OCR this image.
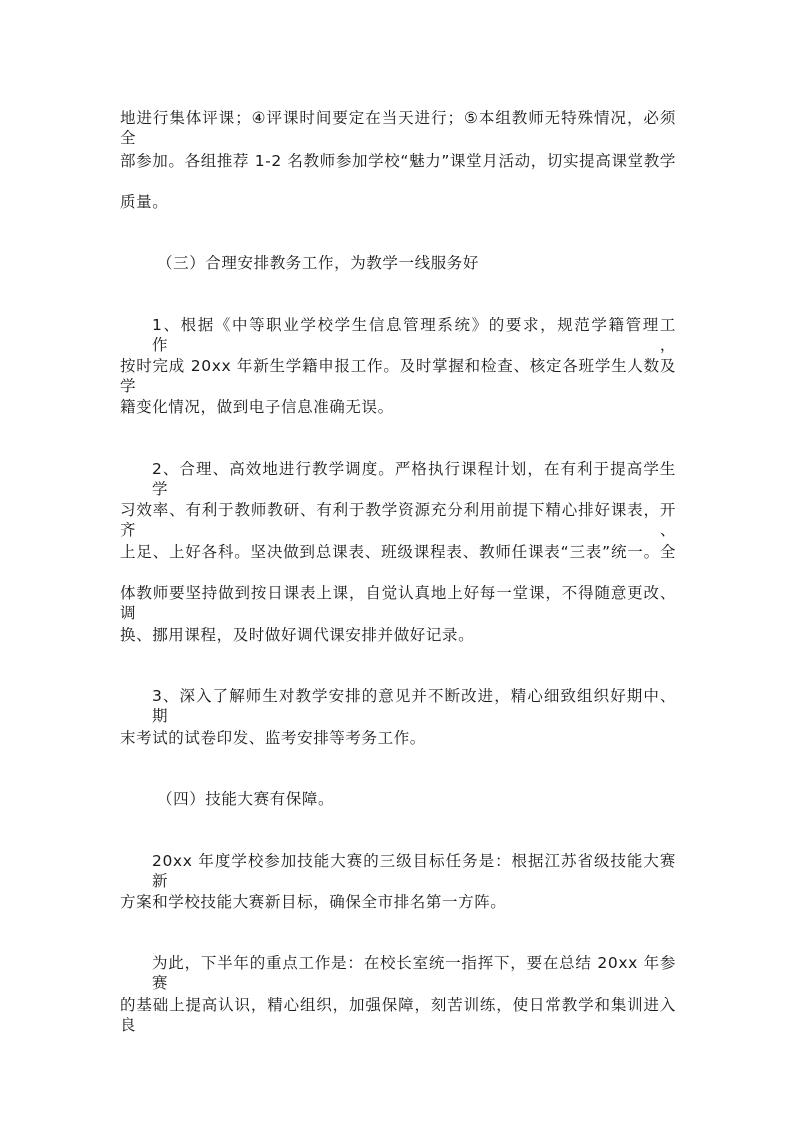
地进行集体评课；④评课时间要定在当天进行；⑤本组教师无特殊情况，必须全
部参加。各组推荐 1-2 名教师参加学校“魅力”课堂月活动，切实提高课堂教学
质量。
（三）合理安排教务工作，为教学一线服务好
1、根据《中等职业学校学生信息管理系统》的要求，规范学籍管理工作，
按时完成 20xx 年新生学籍申报工作。及时掌握和检查、核定各班学生人数及学
籍变化情况，做到电子信息准确无误。
2、合理、高效地进行教学调度。严格执行课程计划，在有利于提高学生学
习效率、有利于教师教研、有利于教学资源充分利用前提下精心排好课表，开齐、
上足、上好各科。坚决做到总课表、班级课程表、教师任课表“三表”统一。全
体教师要坚持做到按日课表上课，自觉认真地上好每一堂课，不得随意更改、调
换、挪用课程，及时做好调代课安排并做好记录。
3、深入了解师生对教学安排的意见并不断改进，精心细致组织好期中、期
末考试的试卷印发、监考安排等考务工作。
（四）技能大赛有保障。
20xx 年度学校参加技能大赛的三级目标任务是：根据江苏省级技能大赛新
方案和学校技能大赛新目标，确保全市排名第一方阵。
为此，下半年的重点工作是：在校长室统一指挥下，要在总结 20xx 年参赛
的基础上提高认识，精心组织，加强保障，刻苦训练，使日常教学和集训进入良
